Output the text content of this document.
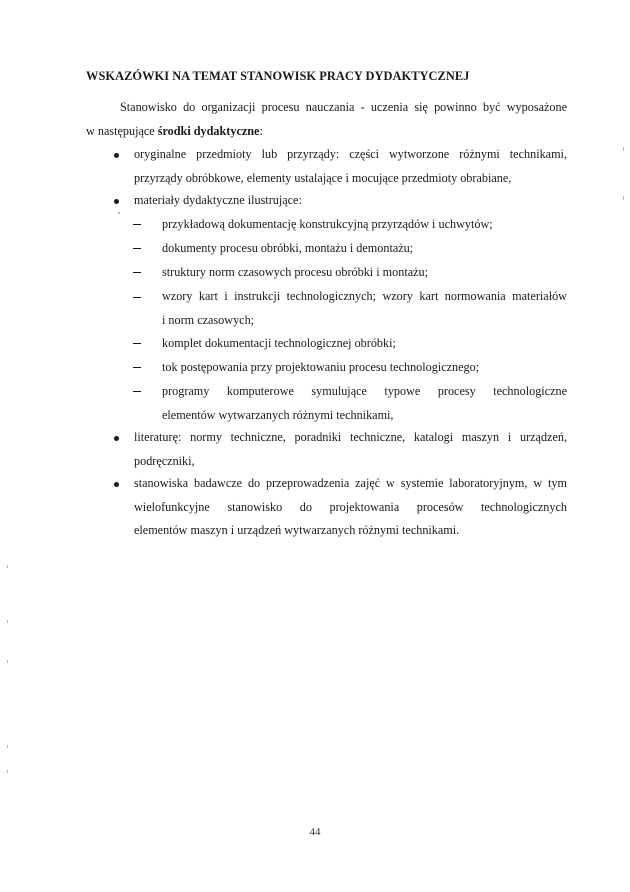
WSKAZÓWKI NA TEMAT STANOWISK PRACY DYDAKTYCZNEJ
Stanowisko do organizacji procesu nauczania - uczenia się powinno być wyposażone
w następujące środki dydaktyczne:
oryginalne przedmioty lub przyrządy: części wytworzone różnymi technikami,
przyrządy obróbkowe, elementy ustalające i mocujące przedmioty obrabiane,
materiały dydaktyczne ilustrujące:
przykładową dokumentację konstrukcyjną przyrządów i uchwytów;
dokumenty procesu obróbki, montażu i demontażu;
struktury norm czasowych procesu obróbki i montażu;
wzory kart i instrukcji technologicznych; wzory kart normowania materiałów
i norm czasowych;
komplet dokumentacji technologicznej obróbki;
tok postępowania przy projektowaniu procesu technologicznego;
programy komputerowe symulujące typowe procesy technologiczne
elementów wytwarzanych różnymi technikami,
literaturę: normy techniczne, poradniki techniczne, katalogi maszyn i urządzeń,
podręczniki,
stanowiska badawcze do przeprowadzenia zajęć w systemie laboratoryjnym, w tym
wielofunkcyjne stanowisko do projektowania procesów technologicznych
elementów maszyn i urządzeń wytwarzanych różnymi technikami.
44
